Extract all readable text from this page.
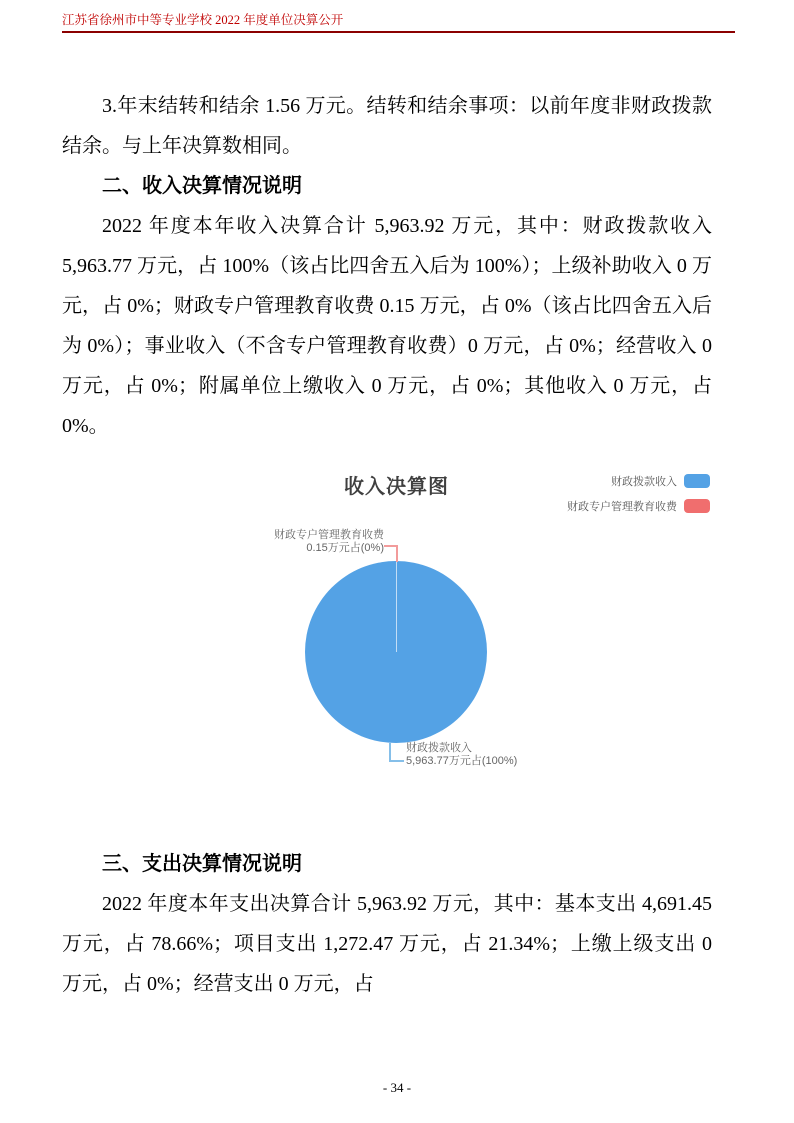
江苏省徐州市中等专业学校 2022 年度单位决算公开

3.年末结转和结余 1.56 万元。结转和结余事项：以前年度非财政拨款结余。与上年决算数相同。

二、收入决算情况说明

2022 年度本年收入决算合计 5,963.92 万元，其中：财政拨款收入 5,963.77 万元，占 100%（该占比四舍五入后为 100%）；上级补助收入 0 万元，占 0%；财政专户管理教育收费 0.15 万元，占 0%（该占比四舍五入后为 0%）；事业收入（不含专户管理教育收费）0 万元，占 0%；经营收入 0 万元，占 0%；附属单位上缴收入 0 万元，占 0%；其他收入 0 万元，占 0%。

收入决算图	财政拨款收入
财政专户管理教育收费
财政专户管理教育收费
0.15万元占(0%)
财政拨款收入
5,963.77万元占(100%)
三、支出决算情况说明

2022 年度本年支出决算合计 5,963.92 万元，其中：基本支出 4,691.45 万元，占 78.66%；项目支出 1,272.47 万元，占 21.34%；上缴上级支出 0 万元，占 0%；经营支出 0 万元，占

- 34 -
